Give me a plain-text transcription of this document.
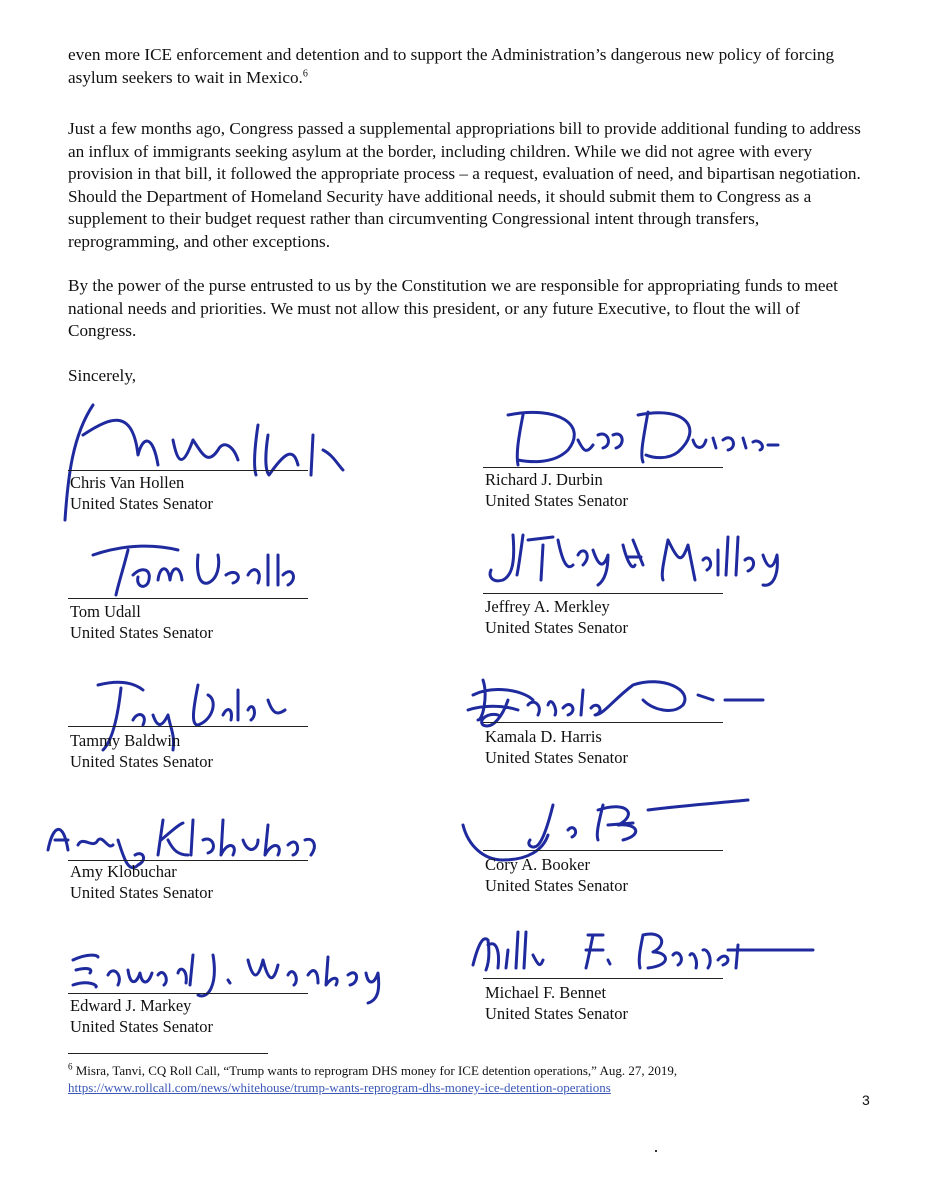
even more ICE enforcement and detention and to support the Administration’s dangerous new policy of forcing asylum seekers to wait in Mexico.$^6$

Just a few months ago, Congress passed a supplemental appropriations bill to provide additional funding to address an influx of immigrants seeking asylum at the border, including children. While we did not agree with every provision in that bill, it followed the appropriate process – a request, evaluation of need, and bipartisan negotiation. Should the Department of Homeland Security have additional needs, it should submit them to Congress as a supplement to their budget request rather than circumventing Congressional intent through transfers, reprogramming, and other exceptions.

By the power of the purse entrusted to us by the Constitution we are responsible for appropriating funds to meet national needs and priorities. We must not allow this president, or any future Executive, to flout the will of Congress.

Sincerely,
Chris Van Hollen
United States Senator
Tom Udall
United States Senator
Tammy Baldwin
United States Senator
Amy Klobuchar
United States Senator
Edward J. Markey
United States Senator
Richard J. Durbin
United States Senator
Jeffrey A. Merkley
United States Senator
Kamala D. Harris
United States Senator
Cory A. Booker
United States Senator
Michael F. Bennet
United States Senator
$^6$ Misra, Tanvi, CQ Roll Call, “Trump wants to reprogram DHS money for ICE detention operations,” Aug. 27, 2019,
https://www.rollcall.com/news/whitehouse/trump-wants-reprogram-dhs-money-ice-detention-operations
3
